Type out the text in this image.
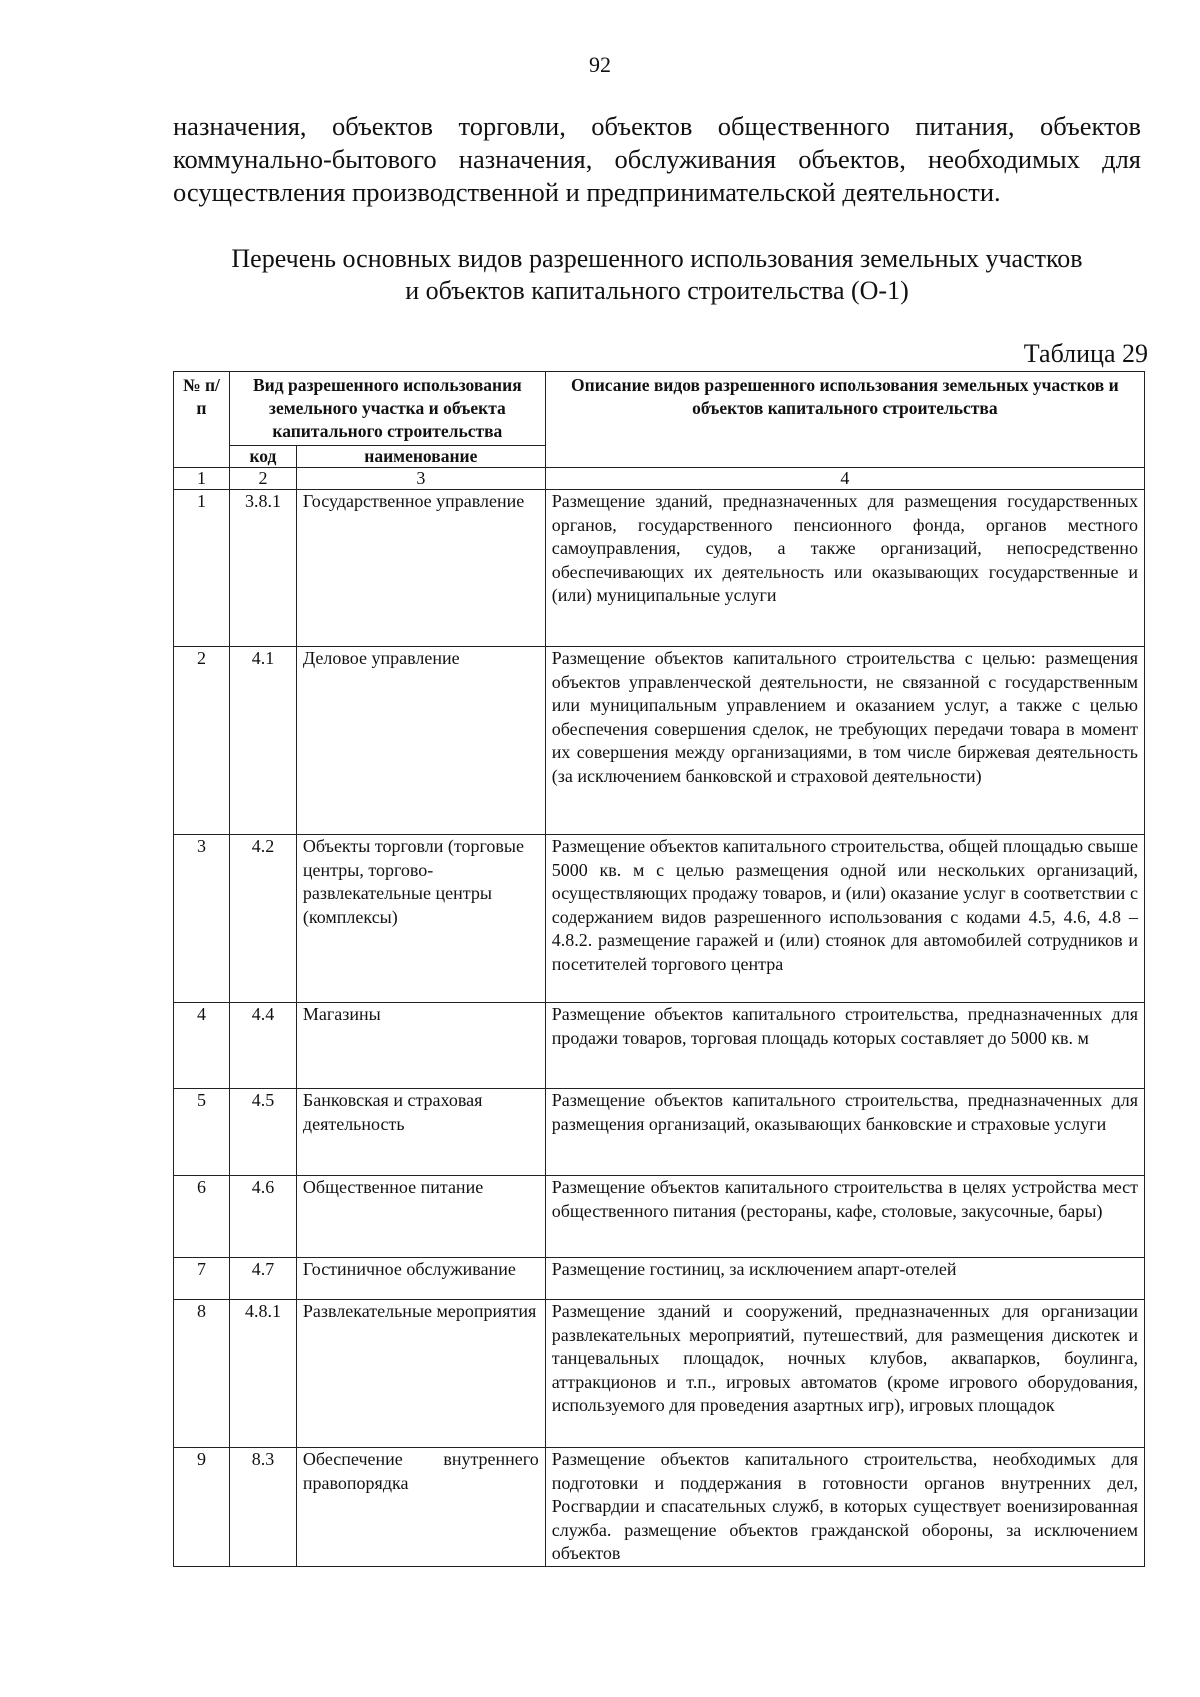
92
назначения, объектов торговли, объектов общественного питания, объектов коммунально-бытового назначения, обслуживания объектов, необходимых для осуществления производственной и предпринимательской деятельности.
Перечень основных видов разрешенного использования земельных участков
и объектов капитального строительства (О-1)
Таблица 29
№ п/п	Вид разрешенного использования земельного участка и объекта капитального строительства		Описание видов разрешенного использования земельных участков и объектов капитального строительства
	код	наименование	
1	2	3	4
1	3.8.1	Государственное управление	Размещение зданий, предназначенных для размещения государственных органов, государственного пенсионного фонда, органов местного самоуправления, судов, а также организаций, непосредственно обеспечивающих их деятельность или оказывающих государственные и (или) муниципальные услуги
2	4.1	Деловое управление	Размещение объектов капитального строительства с целью: размещения объектов управленческой деятельности, не связанной с государственным или муниципальным управлением и оказанием услуг, а также с целью обеспечения совершения сделок, не требующих передачи товара в момент их совершения между организациями, в том числе биржевая деятельность (за исключением банковской и страховой деятельности)
3	4.2	Объекты торговли (торговые центры, торгово-развлекательные центры (комплексы)	Размещение объектов капитального строительства, общей площадью свыше 5000 кв. м с целью размещения одной или нескольких организаций, осуществляющих продажу товаров, и (или) оказание услуг в соответствии с содержанием видов разрешенного использования с кодами 4.5, 4.6, 4.8 – 4.8.2. размещение гаражей и (или) стоянок для автомобилей сотрудников и посетителей торгового центра
4	4.4	Магазины	Размещение объектов капитального строительства, предназначенных для продажи товаров, торговая площадь которых составляет до 5000 кв. м
5	4.5	Банковская и страховая деятельность	Размещение объектов капитального строительства, предназначенных для размещения организаций, оказывающих банковские и страховые услуги
6	4.6	Общественное питание	Размещение объектов капитального строительства в целях устройства мест общественного питания (рестораны, кафе, столовые, закусочные, бары)
7	4.7	Гостиничное обслуживание	Размещение гостиниц, за исключением апарт-отелей
8	4.8.1	Развлекательные мероприятия	Размещение зданий и сооружений, предназначенных для организации развлекательных мероприятий, путешествий, для размещения дискотек и танцевальных площадок, ночных клубов, аквапарков, боулинга, аттракционов и т.п., игровых автоматов (кроме игрового оборудования, используемого для проведения азартных игр), игровых площадок
9	8.3	Обеспечение внутреннего правопорядка	Размещение объектов капитального строительства, необходимых для подготовки и поддержания в готовности органов внутренних дел, Росгвардии и спасательных служб, в которых существует военизированная служба. размещение объектов гражданской обороны, за исключением объектов
